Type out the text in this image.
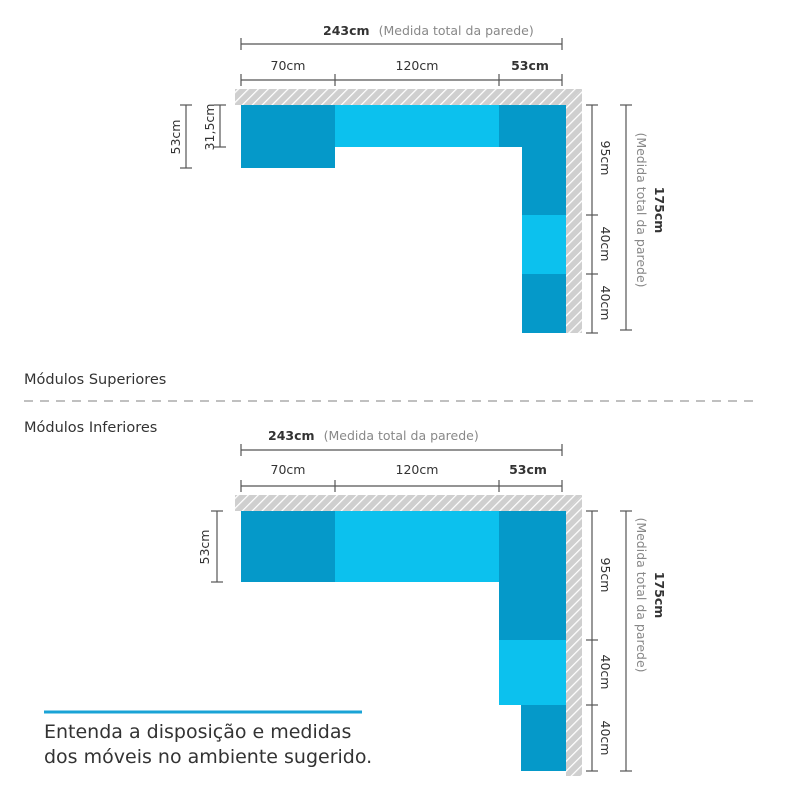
243cm (Medida total da parede)
70cm	120cm	53cm
53cm 31,5cm
95cm
40cm
40cm
(Medida total da parede) 175cm
Módulos Superiores
Módulos Inferiores	243cm (Medida total da parede)
70cm	120cm	53cm
53cm
95cm
40cm
40cm
(Medida total da parede) 175cm
Entenda a disposição e medidas
dos móveis no ambiente sugerido.
